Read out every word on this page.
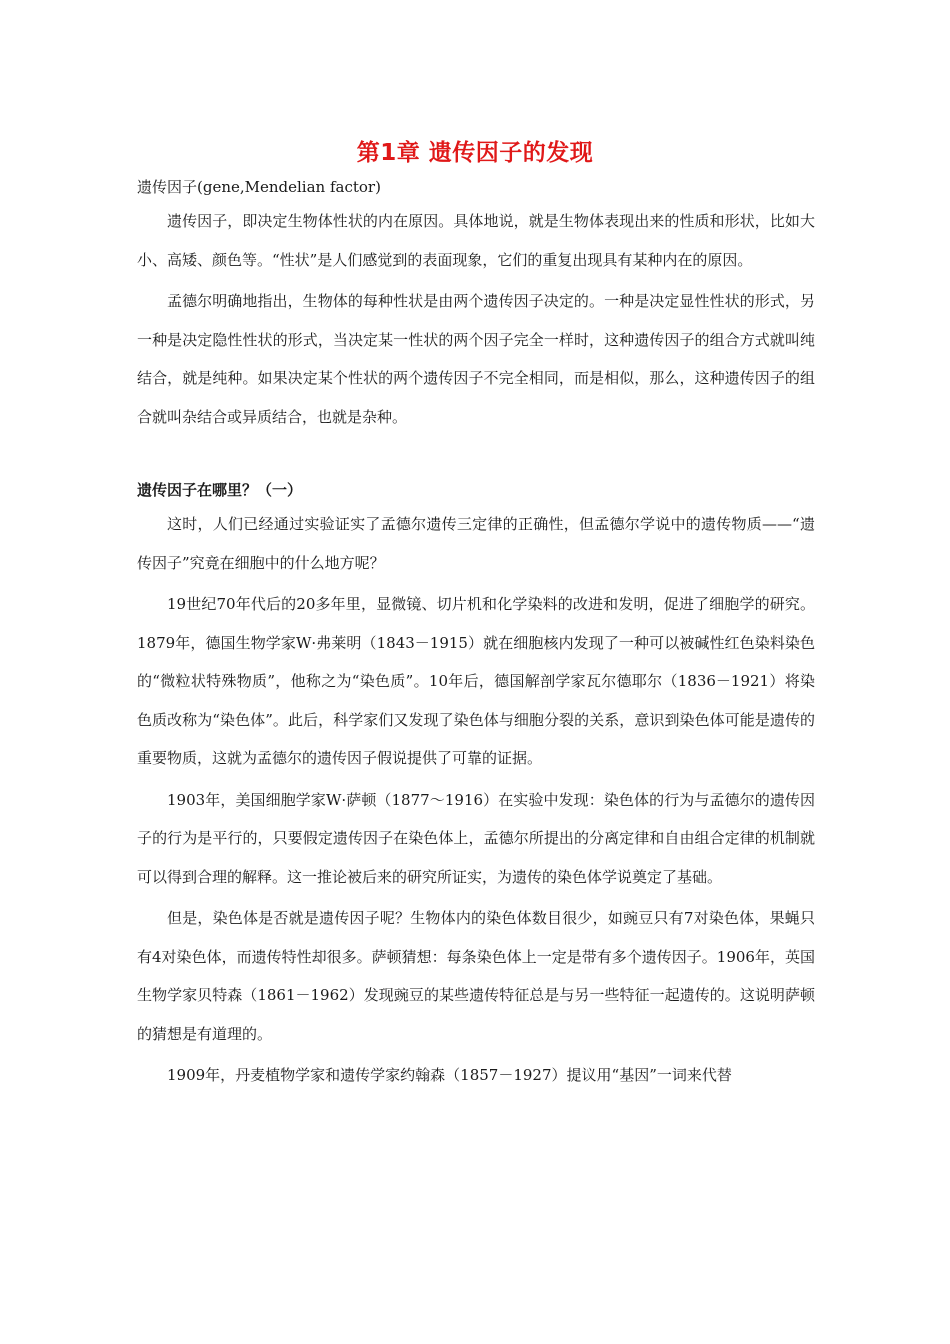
第1章 遗传因子的发现
遗传因子(gene,Mendelian factor)

遗传因子，即决定生物体性状的内在原因。具体地说，就是生物体表现出来的性质和形状，比如大小、高矮、颜色等。“性状”是人们感觉到的表面现象，它们的重复出现具有某种内在的原因。

孟德尔明确地指出，生物体的每种性状是由两个遗传因子决定的。一种是决定显性性状的形式，另一种是决定隐性性状的形式，当决定某一性状的两个因子完全一样时，这种遗传因子的组合方式就叫纯结合，就是纯种。如果决定某个性状的两个遗传因子不完全相同，而是相似，那么，这种遗传因子的组合就叫杂结合或异质结合，也就是杂种。

遗传因子在哪里？（一）

这时，人们已经通过实验证实了孟德尔遗传三定律的正确性，但孟德尔学说中的遗传物质——“遗传因子”究竟在细胞中的什么地方呢？

19世纪70年代后的20多年里，显微镜、切片机和化学染料的改进和发明，促进了细胞学的研究。1879年，德国生物学家W·弗莱明（1843－1915）就在细胞核内发现了一种可以被碱性红色染料染色的“微粒状特殊物质”，他称之为“染色质”。10年后，德国解剖学家瓦尔德耶尔（1836－1921）将染色质改称为“染色体”。此后，科学家们又发现了染色体与细胞分裂的关系，意识到染色体可能是遗传的重要物质，这就为孟德尔的遗传因子假说提供了可靠的证据。

1903年，美国细胞学家W·萨顿（1877～1916）在实验中发现：染色体的行为与孟德尔的遗传因子的行为是平行的，只要假定遗传因子在染色体上，孟德尔所提出的分离定律和自由组合定律的机制就可以得到合理的解释。这一推论被后来的研究所证实，为遗传的染色体学说奠定了基础。

但是，染色体是否就是遗传因子呢？生物体内的染色体数目很少，如豌豆只有7对染色体，果蝇只有4对染色体，而遗传特性却很多。萨顿猜想：每条染色体上一定是带有多个遗传因子。1906年，英国生物学家贝特森（1861－1962）发现豌豆的某些遗传特征总是与另一些特征一起遗传的。这说明萨顿的猜想是有道理的。

1909年，丹麦植物学家和遗传学家约翰森（1857－1927）提议用“基因”一词来代替
